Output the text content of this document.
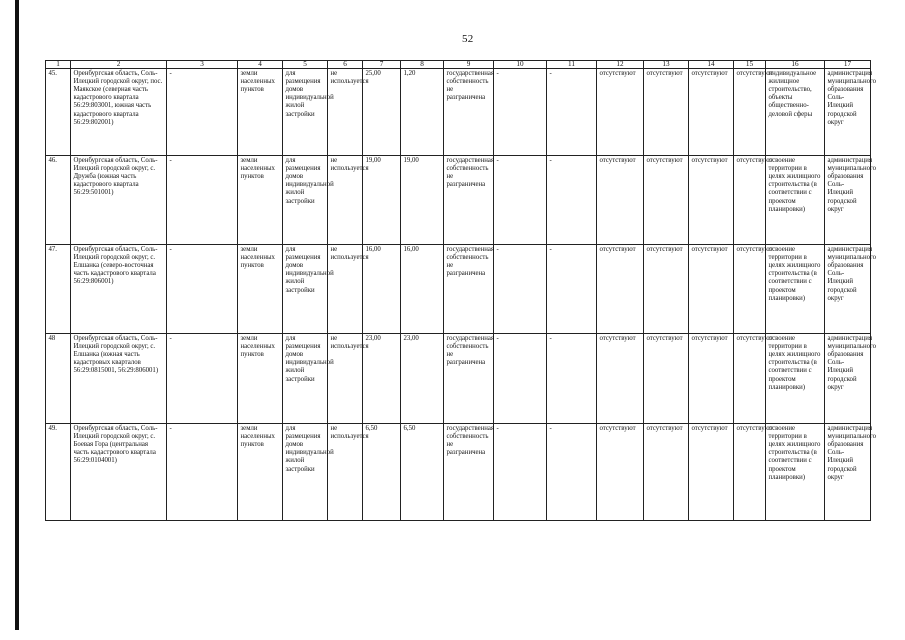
52
1	2	3	4	5	6	7	8	9	10	11	12	13	14	15	16	17
45.	Оренбургская область, Соль-Илецкий городской округ, пос. Маякское (северная часть кадастрового квартала 56:29:803001, южная часть кадастрового квартала 56:29:802001)	-	земли населенных пунктов	для размещения домов индивидуальной жилой застройки	не используется	25,00	1,20	государственная собственность не разграничена	-	-	отсутствуют	отсутствуют	отсутствуют	отсутствуют	индивидуальное жилищное строительство, объекты общественно-деловой сферы	администрация муниципального образования Соль-Илецкий городской округ
46.	Оренбургская область, Соль-Илецкий городской округ, с. Дружба (южная часть кадастрового квартала 56:29:501001)	-	земли населенных пунктов	для размещения домов индивидуальной жилой застройки	не используется	19,00	19,00	государственная собственность не разграничена	-	-	отсутствуют	отсутствуют	отсутствуют	отсутствуют	освоение территории в целях жилищного строительства (в соответствии с проектом планировки)	администрация муниципального образования Соль-Илецкий городской округ
47.	Оренбургская область, Соль-Илецкий городской округ, с. Елшанка (северо-восточная часть кадастрового квартала 56:29:806001)	-	земли населенных пунктов	для размещения домов индивидуальной жилой застройки	не используется	16,00	16,00	государственная собственность не разграничена	-	-	отсутствуют	отсутствуют	отсутствуют	отсутствуют	освоение территории в целях жилищного строительства (в соответствии с проектом планировки)	администрация муниципального образования Соль-Илецкий городской округ
48	Оренбургская область, Соль-Илецкий городской округ, с. Елшанка (южная часть кадастровых кварталов 56:29:0815001, 56:29:806001)	-	земли населенных пунктов	для размещения домов индивидуальной жилой застройки	не используется	23,00	23,00	государственная собственность не разграничена	-	-	отсутствуют	отсутствуют	отсутствуют	отсутствуют	освоение территории в целях жилищного строительства (в соответствии с проектом планировки)	администрация муниципального образования Соль-Илецкий городской округ
49.	Оренбургская область, Соль-Илецкий городской округ, с. Боевая Гора (центральная часть кадастрового квартала 56:29:0104001)	-	земли населенных пунктов	для размещения домов индивидуальной жилой застройки	не используется	6,50	6,50	государственная собственность не разграничена	-	-	отсутствуют	отсутствуют	отсутствуют	отсутствуют	освоение территории в целях жилищного строительства (в соответствии с проектом планировки)	администрация муниципального образования Соль-Илецкий городской округ
